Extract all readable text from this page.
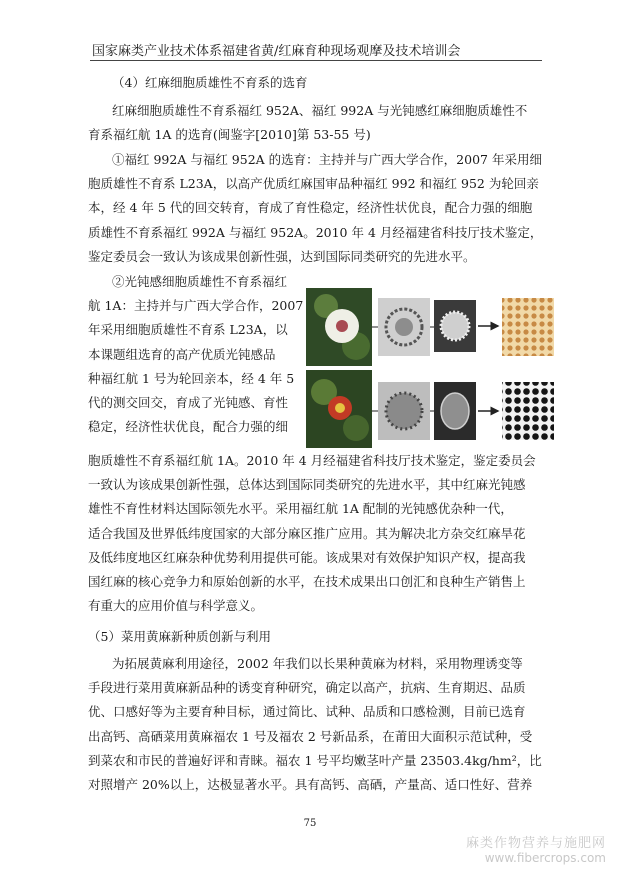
国家麻类产业技术体系福建省黄/红麻育种现场观摩及技术培训会
（4）红麻细胞质雄性不育系的选育
红麻细胞质雄性不育系福红 952A、福红 992A 与光钝感红麻细胞质雄性不
育系福红航 1A 的选育(闽鉴字[2010]第 53-55 号)
①福红 992A 与福红 952A 的选育：主持并与广西大学合作，2007 年采用细
胞质雄性不育系 L23A，以高产优质红麻国审品种福红 992 和福红 952 为轮回亲
本，经 4 年 5 代的回交转育，育成了育性稳定，经济性状优良，配合力强的细胞
质雄性不育系福红 992A 与福红 952A。2010 年 4 月经福建省科技厅技术鉴定，
鉴定委员会一致认为该成果创新性强，达到国际同类研究的先进水平。
②光钝感细胞质雄性不育系福红
航 1A：主持并与广西大学合作，2007
年采用细胞质雄性不育系 L23A，以
本课题组选育的高产优质光钝感品
种福红航 1 号为轮回亲本，经 4 年 5
代的测交回交，育成了光钝感、育性
稳定，经济性状优良，配合力强的细
胞质雄性不育系福红航 1A。2010 年 4 月经福建省科技厅技术鉴定，鉴定委员会
一致认为该成果创新性强，总体达到国际同类研究的先进水平，其中红麻光钝感
雄性不育性材料达国际领先水平。采用福红航 1A 配制的光钝感优杂种一代，
适合我国及世界低纬度国家的大部分麻区推广应用。其为解决北方杂交红麻旱花
及低纬度地区红麻杂种优势利用提供可能。该成果对有效保护知识产权，提高我
国红麻的核心竞争力和原始创新的水平，在技术成果出口创汇和良种生产销售上
有重大的应用价值与科学意义。
（5）菜用黄麻新种质创新与利用
为拓展黄麻利用途径，2002 年我们以长果种黄麻为材料，采用物理诱变等
手段进行菜用黄麻新品种的诱变育种研究，确定以高产，抗病、生育期迟、品质
优、口感好等为主要育种目标，通过简比、试种、品质和口感检测，目前已选育
出高钙、高硒菜用黄麻福农 1 号及福农 2 号新品系，在莆田大面积示范试种，受
到菜农和市民的普遍好评和青睐。福农 1 号平均嫩茎叶产量 23503.4kg/hm²，比
对照增产 20%以上，达极显著水平。具有高钙、高硒，产量高、适口性好、营养
75
麻类作物营养与施肥网
www.fibercrops.com
